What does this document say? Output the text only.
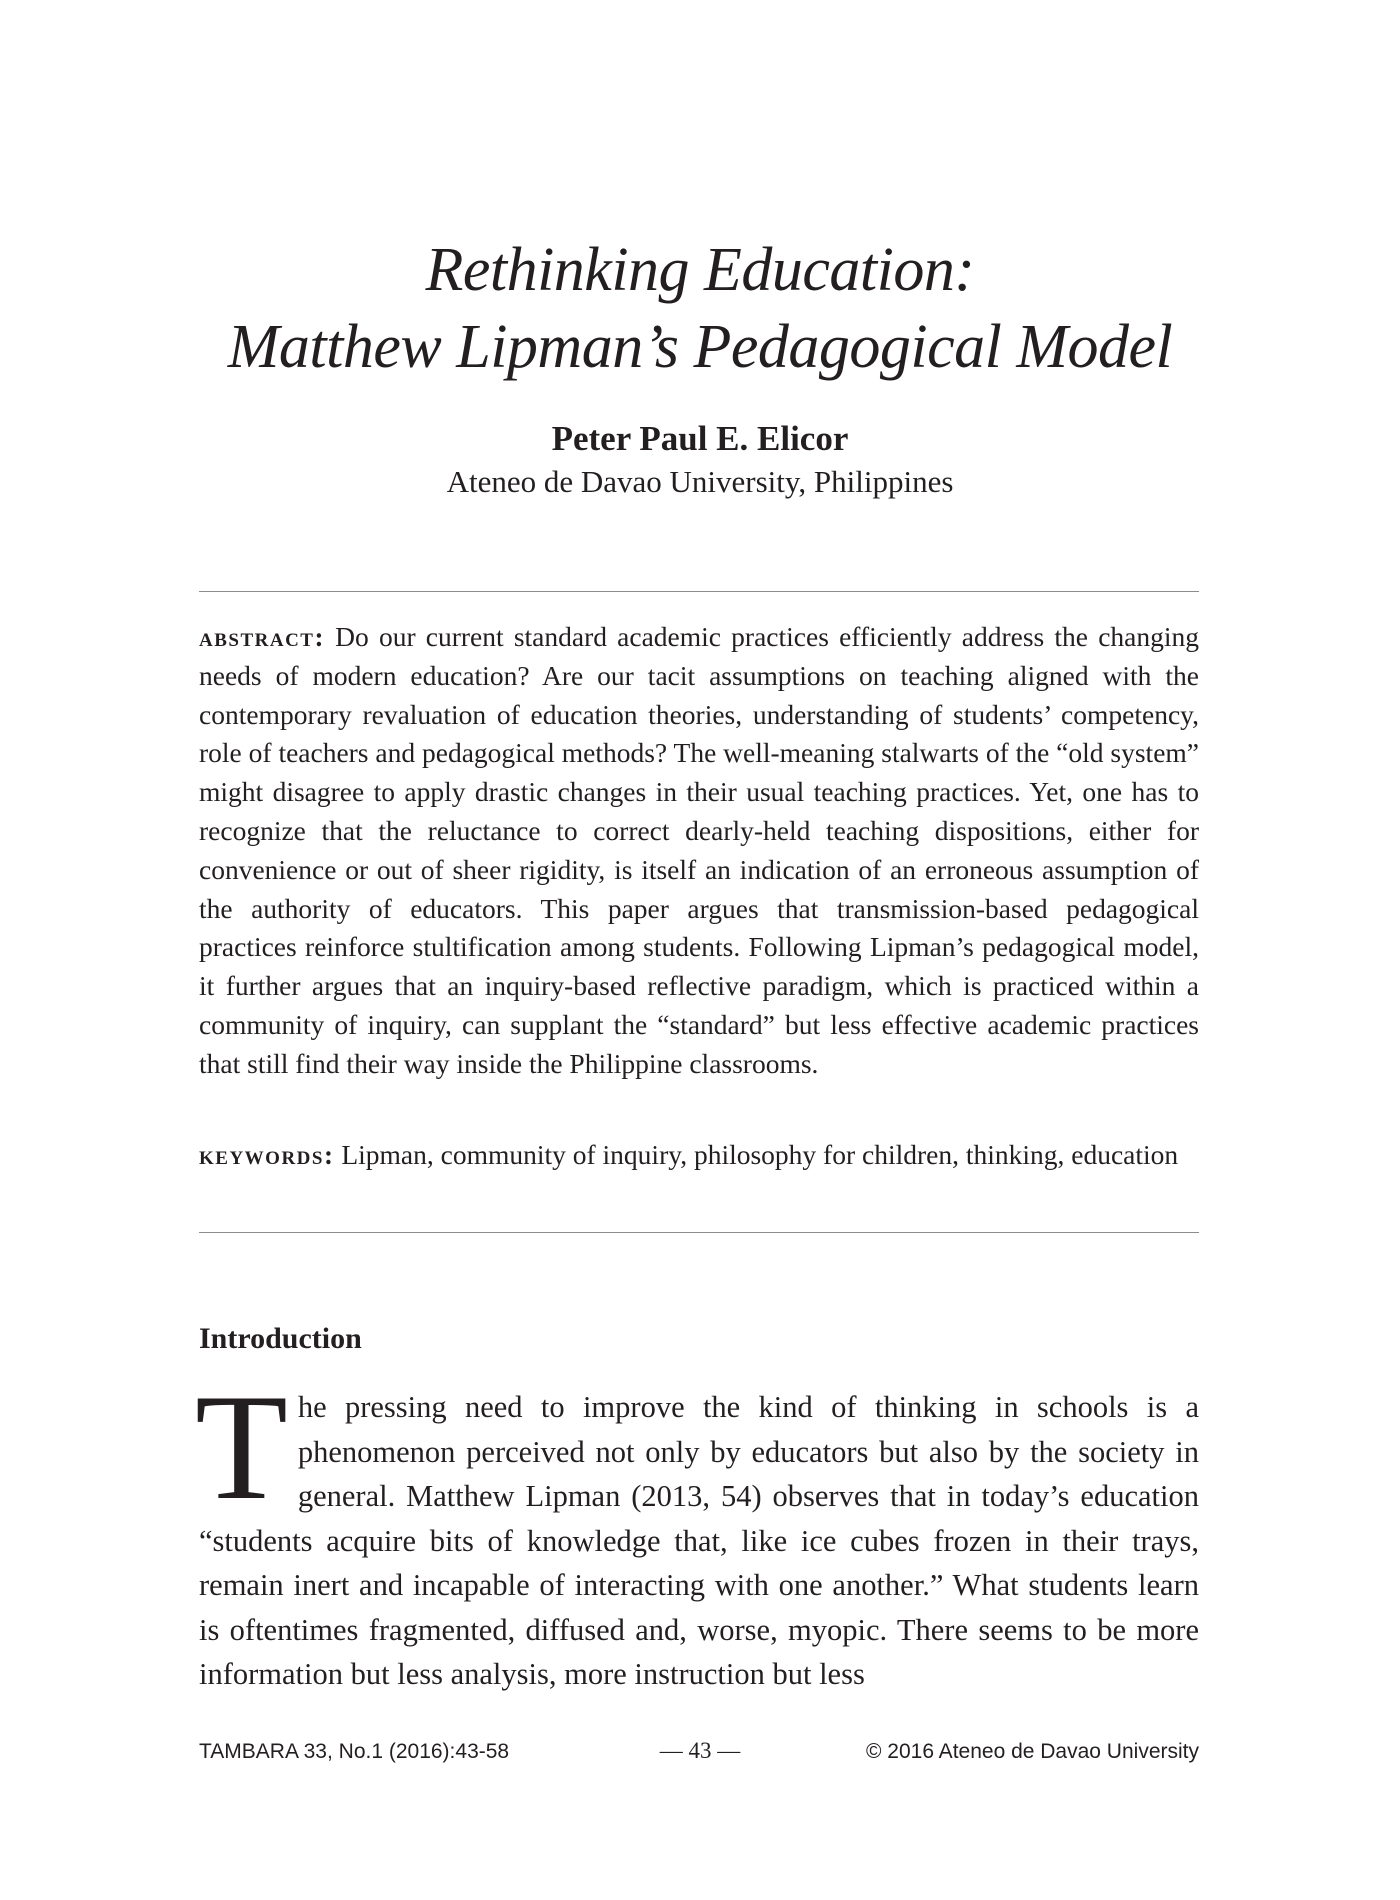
Rethinking Education:
Matthew Lipman’s Pedagogical Model

Peter Paul E. Elicor

Ateneo de Davao University, Philippines

abstract: Do our current standard academic practices efficiently address the changing needs of modern education? Are our tacit assumptions on teaching aligned with the contemporary revaluation of education theories, understanding of students’ competency, role of teachers and pedagogical methods? The well-meaning stalwarts of the “old system” might disagree to apply drastic changes in their usual teaching practices. Yet, one has to recognize that the reluctance to correct dearly-held teaching dispositions, either for convenience or out of sheer rigidity, is itself an indication of an erroneous assumption of the authority of educators. This paper argues that transmission-based pedagogical practices reinforce stultification among students. Following Lipman’s pedagogical model, it further argues that an inquiry-based reflective paradigm, which is practiced within a community of inquiry, can supplant the “standard” but less effective academic practices that still find their way inside the Philippine classrooms.

keywords: Lipman, community of inquiry, philosophy for children, thinking, education

Introduction

The pressing need to improve the kind of thinking in schools is a phenomenon perceived not only by educators but also by the society in general. Matthew Lipman (2013, 54) observes that in today’s education “students acquire bits of knowledge that, like ice cubes frozen in their trays, remain inert and incapable of interacting with one another.” What students learn is oftentimes fragmented, diffused and, worse, myopic. There seems to be more information but less analysis, more instruction but less

TAMBARA 33, No.1 (2016):43-58	— 43 —	© 2016 Ateneo de Davao University
